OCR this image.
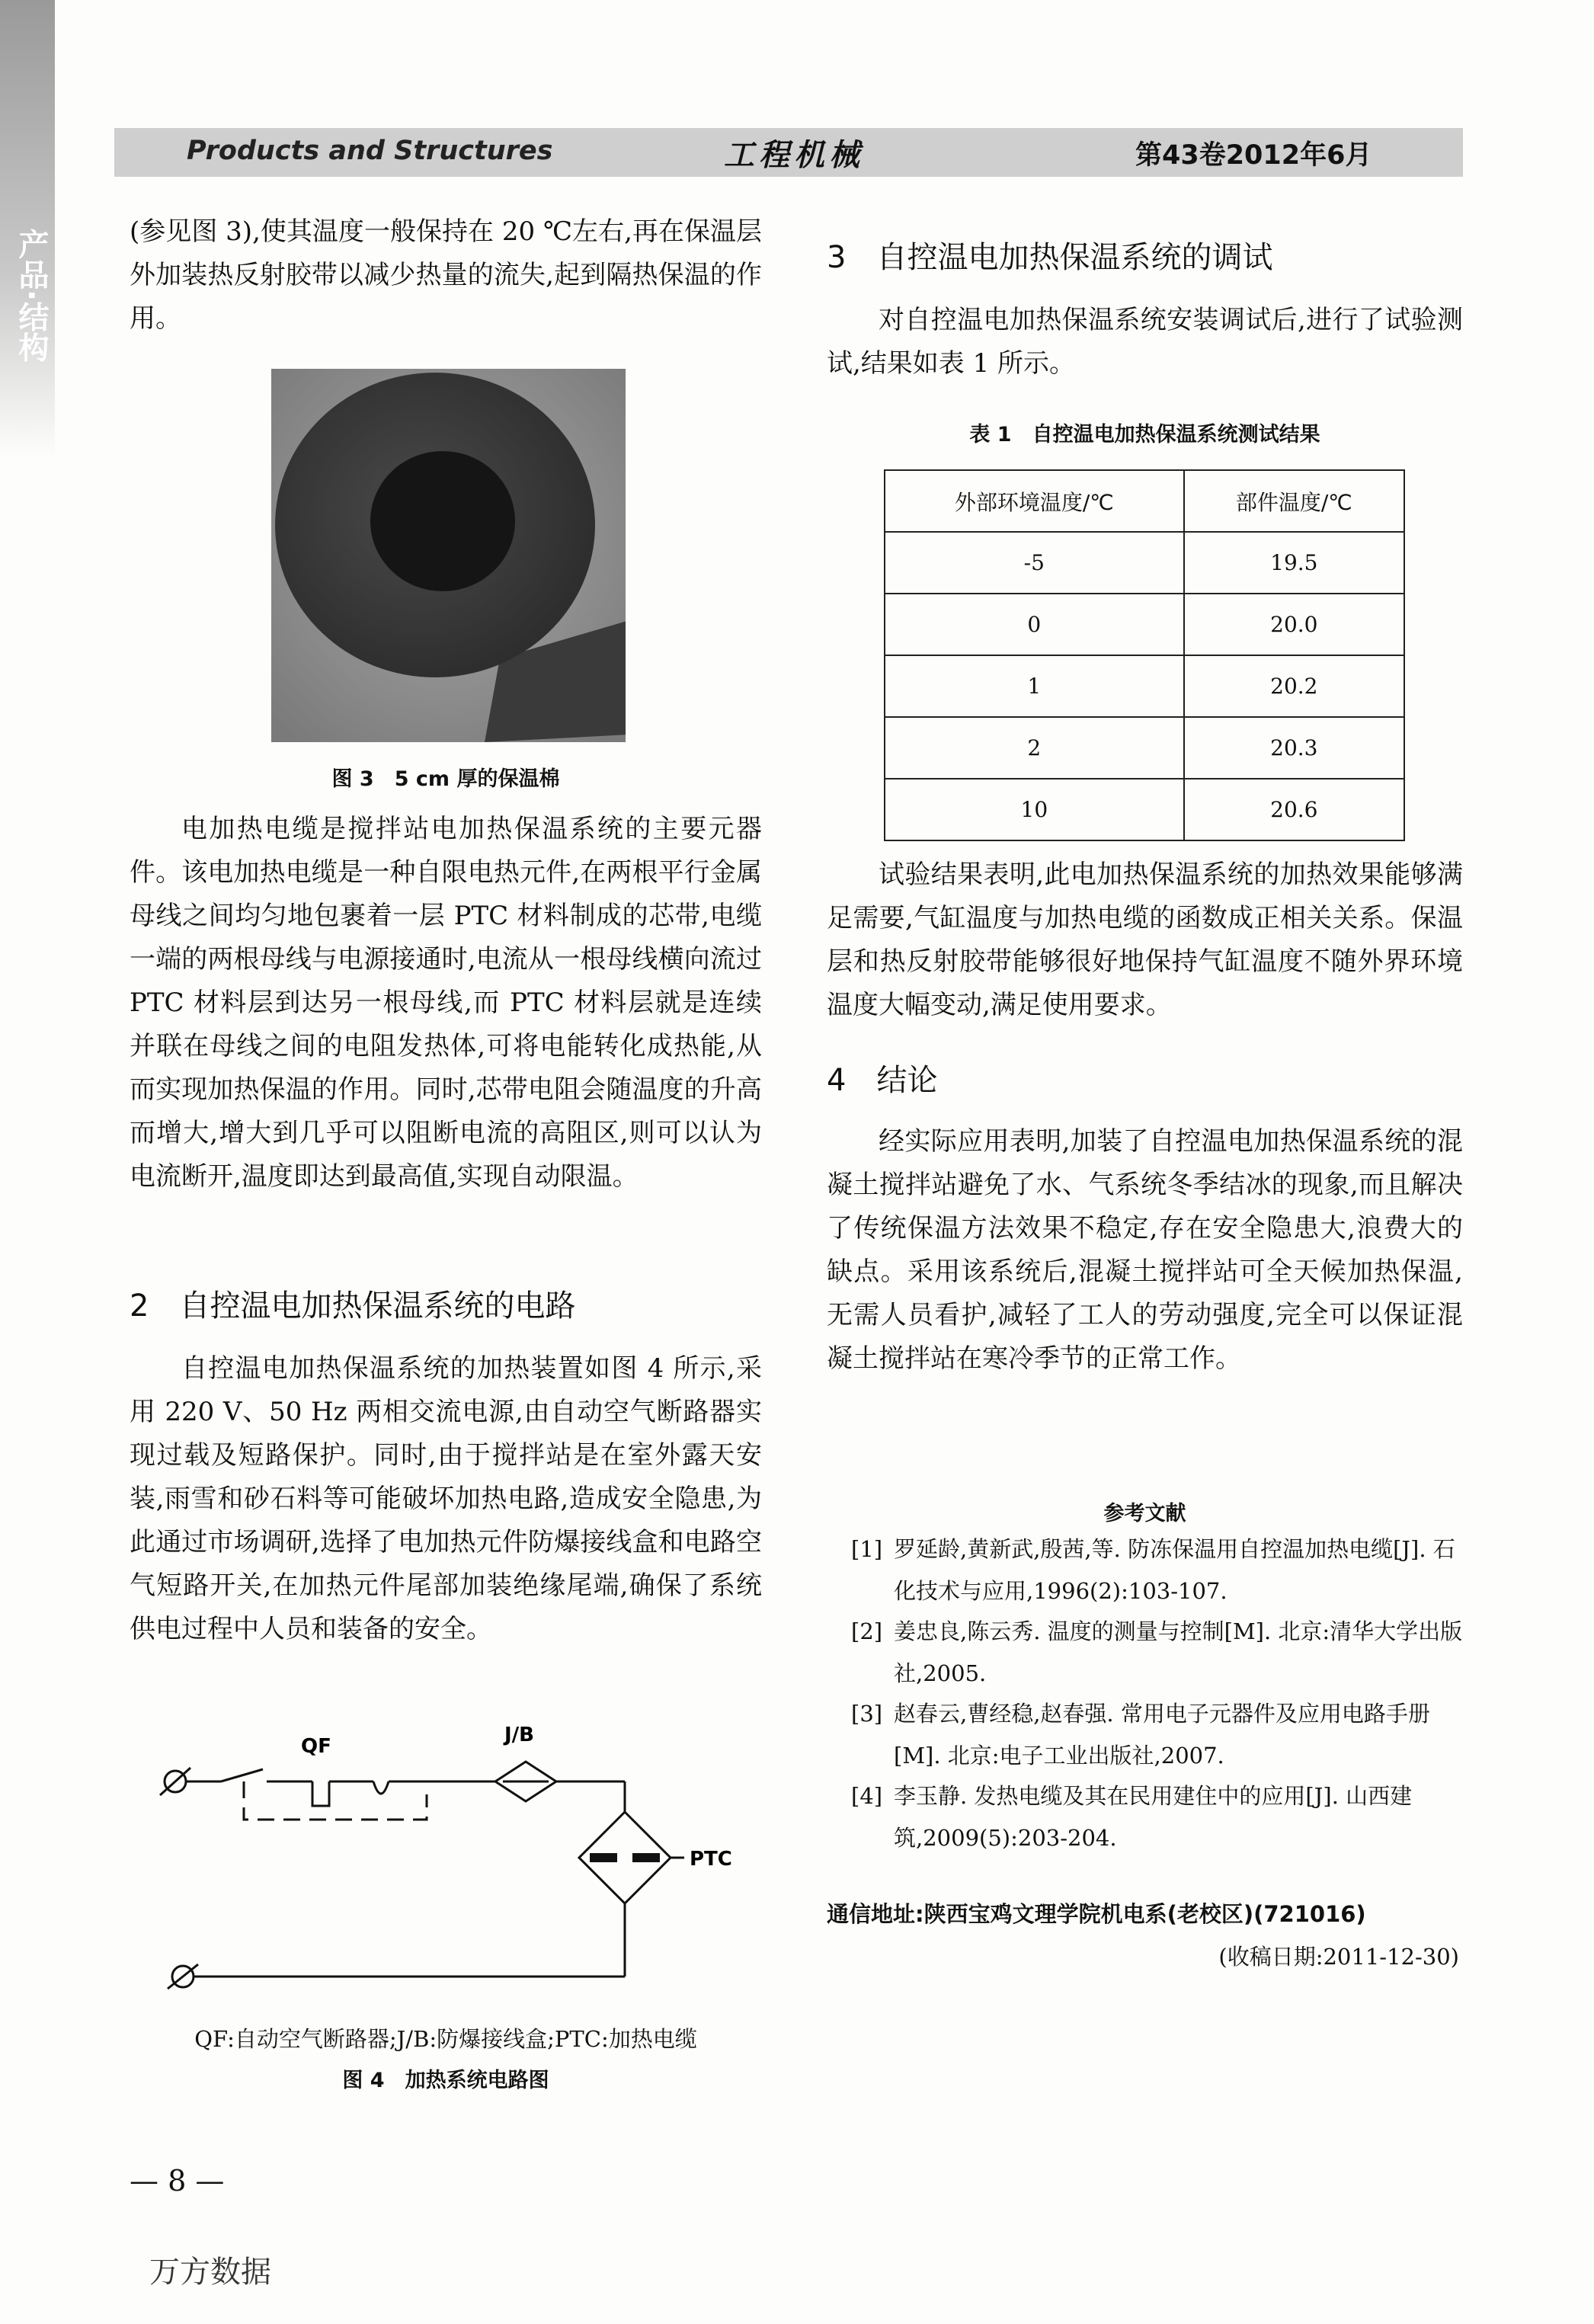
产品·结构
Products and Structures	工程机械	第43卷2012年6月

(参见图 3),使其温度一般保持在 20 ℃左右,再在保温层外加装热反射胶带以减少热量的流失,起到隔热保温的作用。

图 3　5 cm 厚的保温棉

电加热电缆是搅拌站电加热保温系统的主要元器件。该电加热电缆是一种自限电热元件,在两根平行金属母线之间均匀地包裹着一层 PTC 材料制成的芯带,电缆一端的两根母线与电源接通时,电流从一根母线横向流过 PTC 材料层到达另一根母线,而 PTC 材料层就是连续并联在母线之间的电阻发热体,可将电能转化成热能,从而实现加热保温的作用。同时,芯带电阻会随温度的升高而增大,增大到几乎可以阻断电流的高阻区,则可以认为电流断开,温度即达到最高值,实现自动限温。

2　自控温电加热保温系统的电路

自控温电加热保温系统的加热装置如图 4 所示,采用 220 V、50 Hz 两相交流电源,由自动空气断路器实现过载及短路保护。同时,由于搅拌站是在室外露天安装,雨雪和砂石料等可能破坏加热电路,造成安全隐患,为此通过市场调研,选择了电加热元件防爆接线盒和电路空气短路开关,在加热元件尾部加装绝缘尾端,确保了系统供电过程中人员和装备的安全。

QF	J/B
PTC
QF:自动空气断路器;J/B:防爆接线盒;PTC:加热电缆
图 4　加热系统电路图
3　自控温电加热保温系统的调试

对自控温电加热保温系统安装调试后,进行了试验测试,结果如表 1 所示。

表 1　自控温电加热保温系统测试结果
外部环境温度/℃	部件温度/℃
-5	19.5
0	20.0
1	20.2
2	20.3
10	20.6

试验结果表明,此电加热保温系统的加热效果能够满足需要,气缸温度与加热电缆的函数成正相关关系。保温层和热反射胶带能够很好地保持气缸温度不随外界环境温度大幅变动,满足使用要求。

4　结论

经实际应用表明,加装了自控温电加热保温系统的混凝土搅拌站避免了水、气系统冬季结冰的现象,而且解决了传统保温方法效果不稳定,存在安全隐患大,浪费大的缺点。采用该系统后,混凝土搅拌站可全天候加热保温,无需人员看护,减轻了工人的劳动强度,完全可以保证混凝土搅拌站在寒冷季节的正常工作。

参考文献
[1] 罗延龄,黄新武,殷茜,等. 防冻保温用自控温加热电缆[J]. 石化技术与应用,1996(2):103-107.
[2] 姜忠良,陈云秀. 温度的测量与控制[M]. 北京:清华大学出版社,2005.
[3] 赵春云,曹经稳,赵春强. 常用电子元器件及应用电路手册[M]. 北京:电子工业出版社,2007.
[4] 李玉静. 发热电缆及其在民用建住中的应用[J]. 山西建筑,2009(5):203-204.
通信地址:陕西宝鸡文理学院机电系(老校区)(721016)
(收稿日期:2011-12-30)
— 8 —
万方数据
